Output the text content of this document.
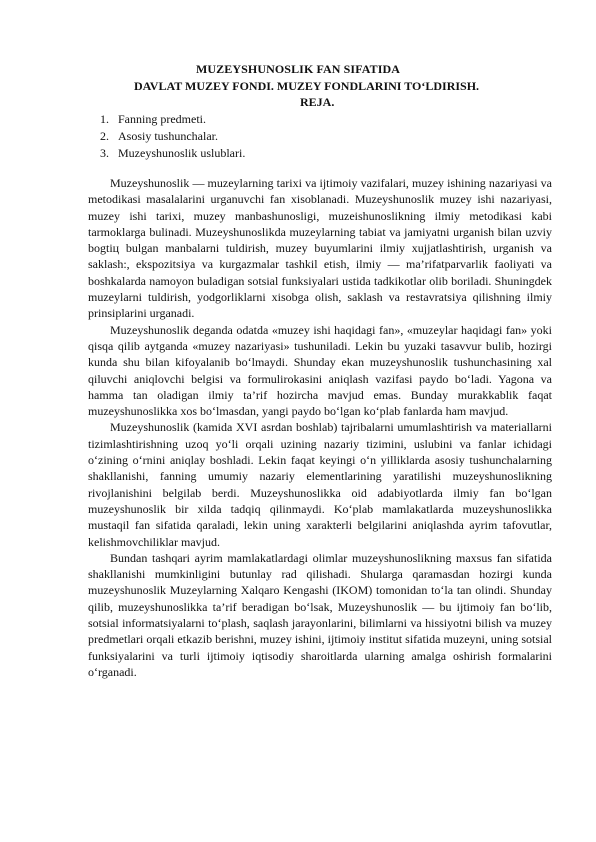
MUZEYSHUNOSLIK FAN SIFATIDA
DAVLAT MUZEY FONDI. MUZEY FONDLARINI TO‘LDIRISH.
REJA.
1. Fanning predmeti.
2. Asosiy tushunchalar.
3. Muzeyshunoslik uslublari.

Muzeyshunoslik — muzeylarning tarixi va ijtimoiy vazifalari, muzey ishining nazariyasi va metodikasi masalalarini urganuvchi fan xisoblanadi. Muzeyshunoslik muzey ishi nazariyasi, muzey ishi tarixi, muzey manbashunosligi, muzeishunoslikning ilmiy metodikasi kabi tarmoklarga bulinadi. Muzeyshunoslikda muzeylarning tabiat va jamiyatni urganish bilan uzviy bogtiц bulgan manbalarni tuldirish, muzey buyumlarini ilmiy xujjatlashtirish, urganish va saklash:, ekspozitsiya va kurgazmalar tashkil etish, ilmiy — ma’rifatparvarlik faoliyati va boshkalarda namoyon buladigan sotsial funksiyalari ustida tadkikotlar olib boriladi. Shuningdek muzeylarni tuldirish, yodgorliklarni xisobga olish, saklash va restavratsiya qilishning ilmiy prinsiplarini urganadi.

Muzeyshunoslik deganda odatda «muzey ishi haqidagi fan», «muzeylar haqidagi fan» yoki qisqa qilib aytganda «muzey nazariyasi» tushuniladi. Lekin bu yuzaki tasavvur bulib, hozirgi kunda shu bilan kifoyalanib bo‘lmaydi. Shunday ekan muzeyshunoslik tushunchasining xal qiluvchi aniqlovchi belgisi va formulirokasini aniqlash vazifasi paydo bo‘ladi. Yagona va hamma tan oladigan ilmiy ta’rif hozircha mavjud emas. Bunday murakkablik faqat muzeyshunoslikka xos bo‘lmasdan, yangi paydo bo‘lgan ko‘plab fanlarda ham mavjud.

Muzeyshunoslik (kamida XVI asrdan boshlab) tajribalarni umumlashtirish va materiallarni tizimlashtirishning uzoq yo‘li orqali uzining nazariy tizimini, uslubini va fanlar ichidagi o‘zining o‘rnini aniqlay boshladi. Lekin faqat keyingi o‘n yilliklarda asosiy tushunchalarning shakllanishi, fanning umumiy nazariy elementlarining yaratilishi muzeyshunoslikning rivojlanishini belgilab berdi. Muzeyshunoslikka oid adabiyotlarda ilmiy fan bo‘lgan muzeyshunoslik bir xilda tadqiq qilinmaydi. Ko‘plab mamlakatlarda muzeyshunoslikka mustaqil fan sifatida qaraladi, lekin uning xarakterli belgilarini aniqlashda ayrim tafovutlar, kelishmovchiliklar mavjud.

Bundan tashqari ayrim mamlakatlardagi olimlar muzeyshunoslikning maxsus fan sifatida shakllanishi mumkinligini butunlay rad qilishadi. Shularga qaramasdan hozirgi kunda muzeyshunoslik Muzeylarning Xalqaro Kengashi (IKOM) tomonidan to‘la tan olindi. Shunday qilib, muzeyshunoslikka ta’rif beradigan bo‘lsak, Muzeyshunoslik — bu ijtimoiy fan bo‘lib, sotsial informatsiyalarni to‘plash, saqlash jarayonlarini, bilimlarni va hissiyotni bilish va muzey predmetlari orqali etkazib berishni, muzey ishini, ijtimoiy institut sifatida muzeyni, uning sotsial funksiyalarini va turli ijtimoiy iqtisodiy sharoitlarda ularning amalga oshirish formalarini o‘rganadi.
